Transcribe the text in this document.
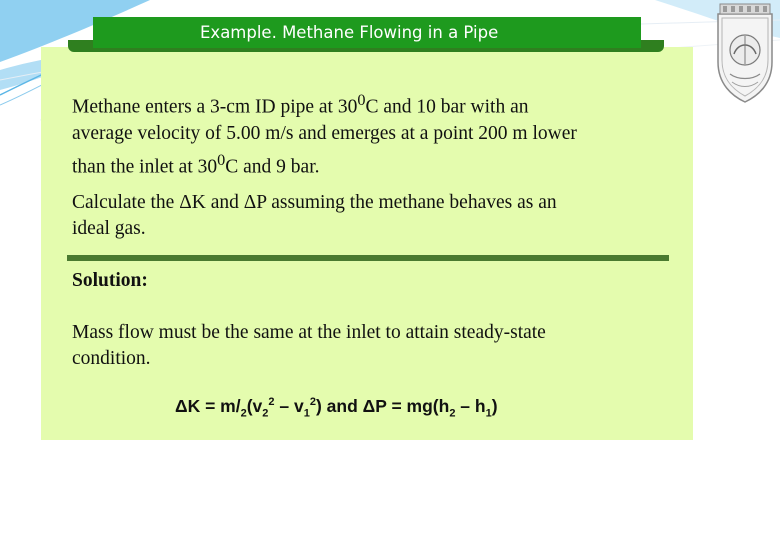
Example. Methane Flowing in a Pipe

Methane enters a 3-cm ID pipe at $30^0C$ and 10 bar with an
average velocity of 5.00 m/s and emerges at a point 200 m lower
than the inlet at $30^0C$ and 9 bar.

Calculate the ΔK and ΔP assuming the methane behaves as an
ideal gas.

Solution:

Mass flow must be the same at the inlet to attain steady-state
condition.

$\Delta K = m/_2(v_2^2 - v_1^2)$ and $\Delta P = mg(h_2 - h_1)$
